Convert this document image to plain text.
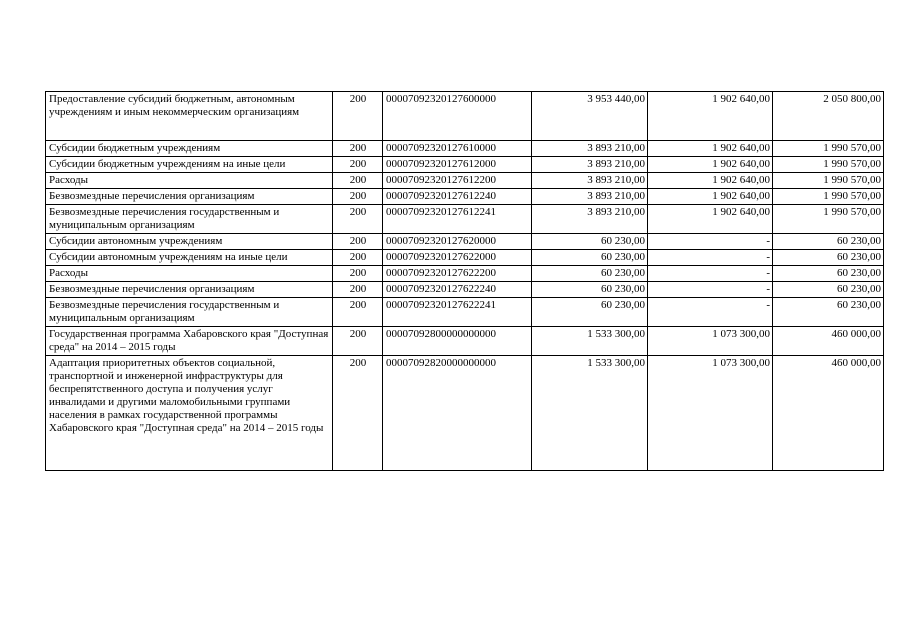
Предоставление субсидий бюджетным, автономным учреждениям и иным некоммерческим организациям	200	00007092320127600000	3 953 440,00	1 902 640,00	2 050 800,00
Субсидии бюджетным учреждениям	200	00007092320127610000	3 893 210,00	1 902 640,00	1 990 570,00
Субсидии бюджетным учреждениям на иные цели	200	00007092320127612000	3 893 210,00	1 902 640,00	1 990 570,00
Расходы	200	00007092320127612200	3 893 210,00	1 902 640,00	1 990 570,00
Безвозмездные перечисления организациям	200	00007092320127612240	3 893 210,00	1 902 640,00	1 990 570,00
Безвозмездные перечисления государственным и муниципальным организациям	200	00007092320127612241	3 893 210,00	1 902 640,00	1 990 570,00
Субсидии автономным учреждениям	200	00007092320127620000	60 230,00	-	60 230,00
Субсидии автономным учреждениям на иные цели	200	00007092320127622000	60 230,00	-	60 230,00
Расходы	200	00007092320127622200	60 230,00	-	60 230,00
Безвозмездные перечисления организациям	200	00007092320127622240	60 230,00	-	60 230,00
Безвозмездные перечисления государственным и муниципальным организациям	200	00007092320127622241	60 230,00	-	60 230,00
Государственная программа Хабаровского края "Доступная среда" на 2014 – 2015 годы	200	00007092800000000000	1 533 300,00	1 073 300,00	460 000,00
Адаптация приоритетных объектов социальной, транспортной и инженерной инфраструктуры для беспрепятственного доступа и получения услуг инвалидами и другими маломобильными группами населения в рамках государственной программы Хабаровского края "Доступная среда" на 2014 – 2015 годы	200	00007092820000000000	1 533 300,00	1 073 300,00	460 000,00
